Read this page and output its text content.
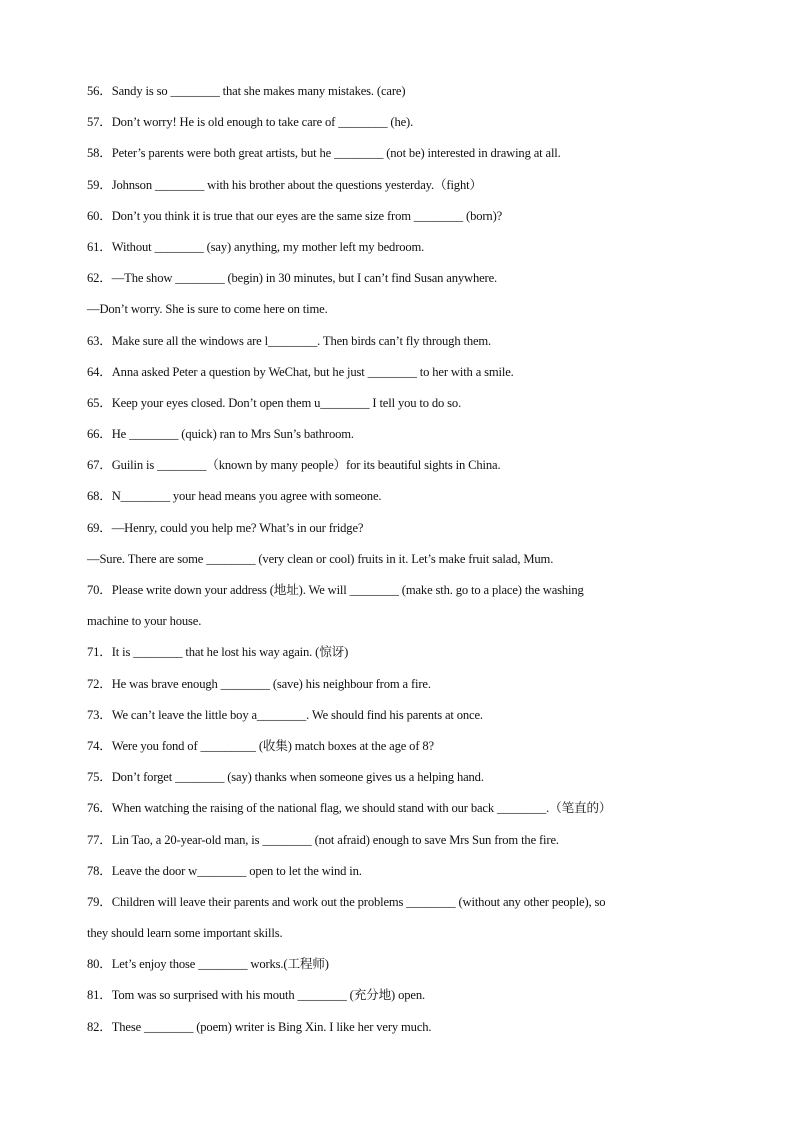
56．Sandy is so ________ that she makes many mistakes. (care)
57．Don’t worry! He is old enough to take care of ________ (he).
58．Peter’s parents were both great artists, but he ________ (not be) interested in drawing at all.
59．Johnson ________ with his brother about the questions yesterday.（fight）
60．Don’t you think it is true that our eyes are the same size from ________ (born)?
61．Without ________ (say) anything, my mother left my bedroom.
62．—The show ________ (begin) in 30 minutes, but I can’t find Susan anywhere.
—Don’t worry. She is sure to come here on time.
63．Make sure all the windows are l________. Then birds can’t fly through them.
64．Anna asked Peter a question by WeChat, but he just ________ to her with a smile.
65．Keep your eyes closed. Don’t open them u________ I tell you to do so.
66．He ________ (quick) ran to Mrs Sun’s bathroom.
67．Guilin is ________（known by many people）for its beautiful sights in China.
68．N________ your head means you agree with someone.
69．—Henry, could you help me? What’s in our fridge?
—Sure. There are some ________ (very clean or cool) fruits in it. Let’s make fruit salad, Mum.
70．Please write down your address (地址). We will ________ (make sth. go to a place) the washing
machine to your house.
71．It is ________ that he lost his way again. (惊讶)
72．He was brave enough ________ (save) his neighbour from a fire.
73．We can’t leave the little boy a________. We should find his parents at once.
74．Were you fond of _________ (收集) match boxes at the age of 8?
75．Don’t forget ________ (say) thanks when someone gives us a helping hand.
76．When watching the raising of the national flag, we should stand with our back ________.（笔直的）
77．Lin Tao, a 20-year-old man, is ________ (not afraid) enough to save Mrs Sun from the fire.
78．Leave the door w________ open to let the wind in.
79．Children will leave their parents and work out the problems ________ (without any other people), so
they should learn some important skills.
80．Let’s enjoy those ________ works.(工程师)
81．Tom was so surprised with his mouth ________ (充分地) open.
82．These ________ (poem) writer is Bing Xin. I like her very much.
